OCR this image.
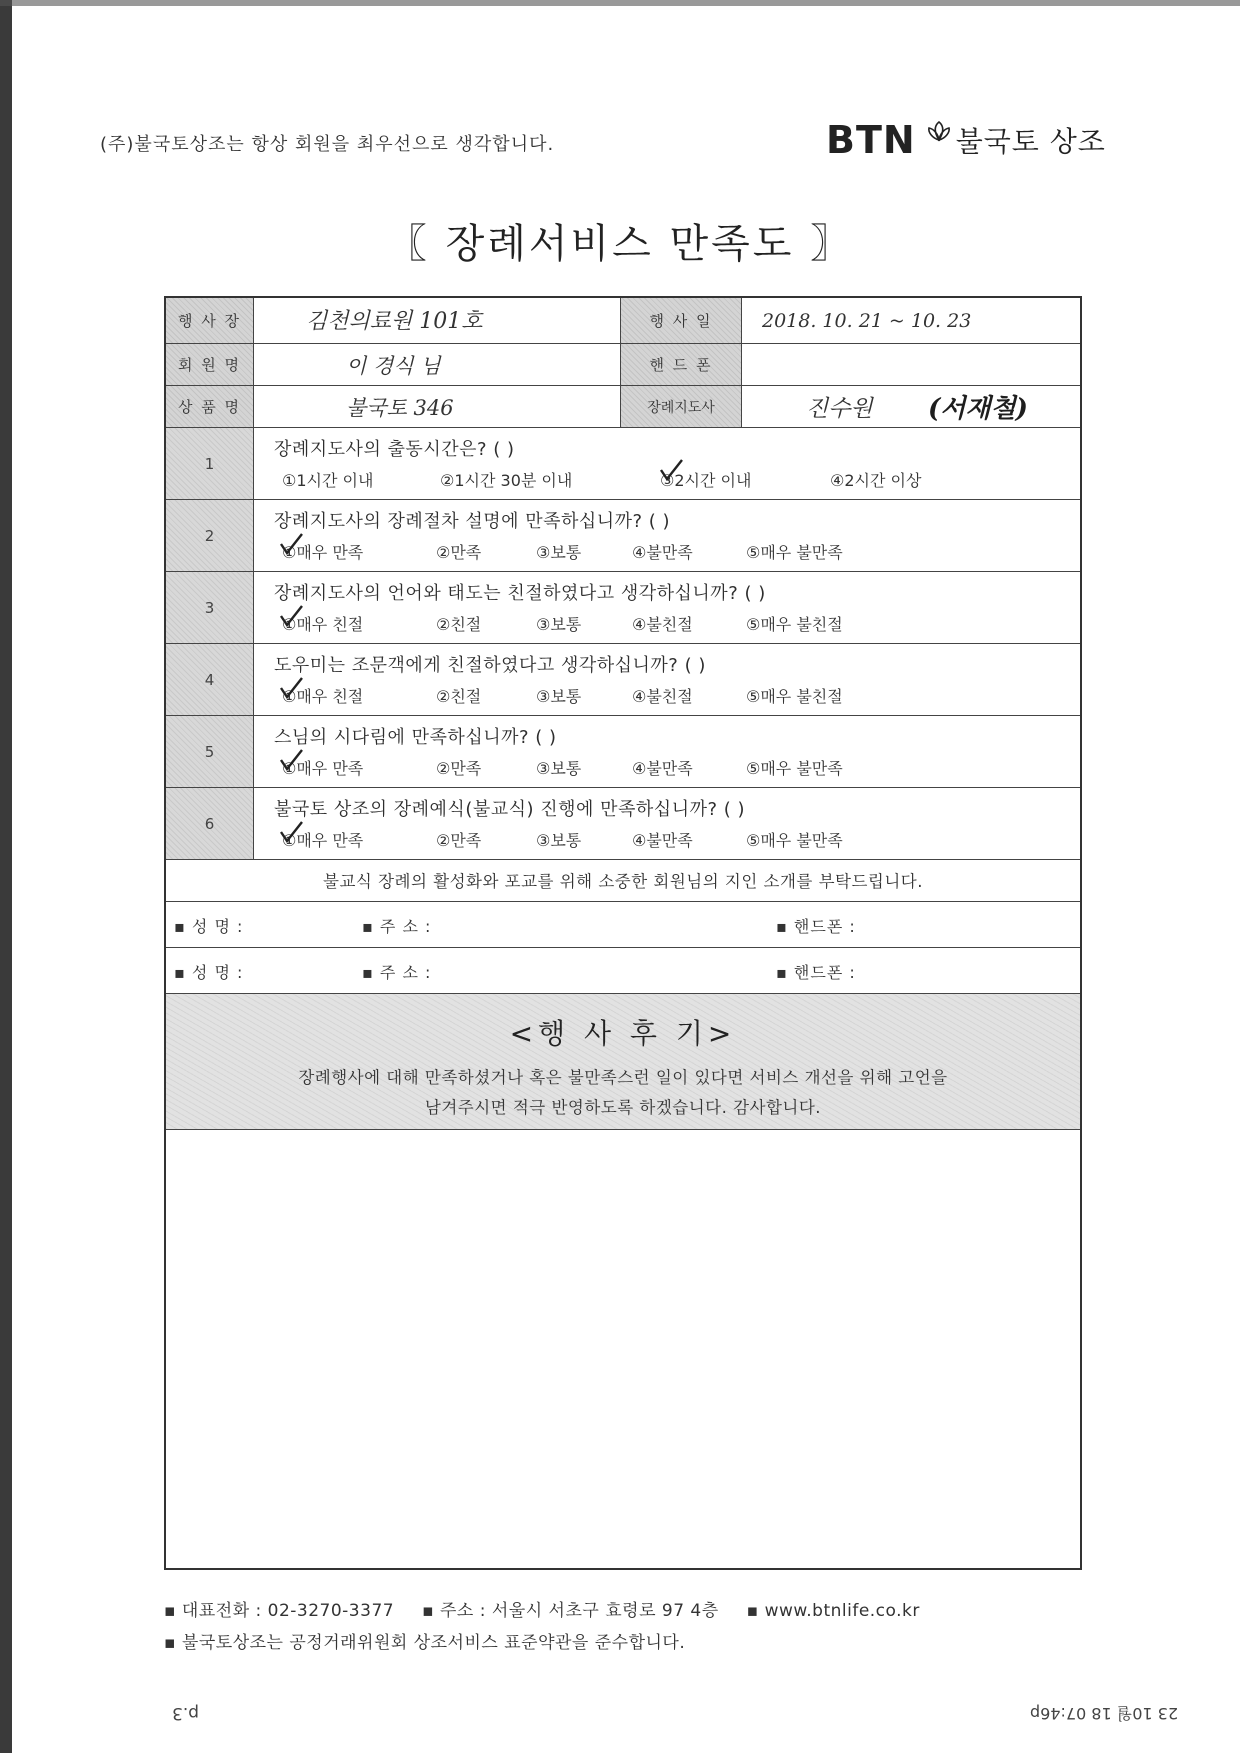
(주)불국토상조는 항상 회원을 최우선으로 생각합니다.	BTN 불국토 상조
〖 장례서비스 만족도 〗
행 사 장	김천의료원 101호	행 사 일	2018. 10. 21 ~ 10. 23
회 원 명	이 경식 님	핸 드 폰
상 품 명	불국토 346	장례지도사	진수원 (서재철)
1
장례지도사의 출동시간은? ( )
①1시간 이내	②1시간 30분 이내	③2시간 이내	④2시간 이상
2
장례지도사의 장례절차 설명에 만족하십니까? ( )
①매우 만족	②만족	③보통	④불만족	⑤매우 불만족
3
장례지도사의 언어와 태도는 친절하였다고 생각하십니까? ( )
①매우 친절	②친절	③보통	④불친절	⑤매우 불친절
4
도우미는 조문객에게 친절하였다고 생각하십니까? ( )
①매우 친절	②친절	③보통	④불친절	⑤매우 불친절
5
스님의 시다림에 만족하십니까? ( )
①매우 만족	②만족	③보통	④불만족	⑤매우 불만족
6
불국토 상조의 장례예식(불교식) 진행에 만족하십니까? ( )
①매우 만족	②만족	③보통	④불만족	⑤매우 불만족
불교식 장례의 활성화와 포교를 위해 소중한 회원님의 지인 소개를 부탁드립니다.
▪ 성 명 :	▪ 주 소 :	▪ 핸드폰 :
▪ 성 명 :	▪ 주 소 :	▪ 핸드폰 :
<행 사 후 기>
장례행사에 대해 만족하셨거나 혹은 불만족스런 일이 있다면 서비스 개선을 위해 고언을
남겨주시면 적극 반영하도록 하겠습니다. 감사합니다.
▪ 대표전화 : 02-3270-3377 ▪ 주소 : 서울시 서초구 효령로 97 4층 ▪ www.btnlife.co.kr
▪ 불국토상조는 공정거래위원회 상조서비스 표준약관을 준수합니다.
p.3	23 10월 18 07:46p
